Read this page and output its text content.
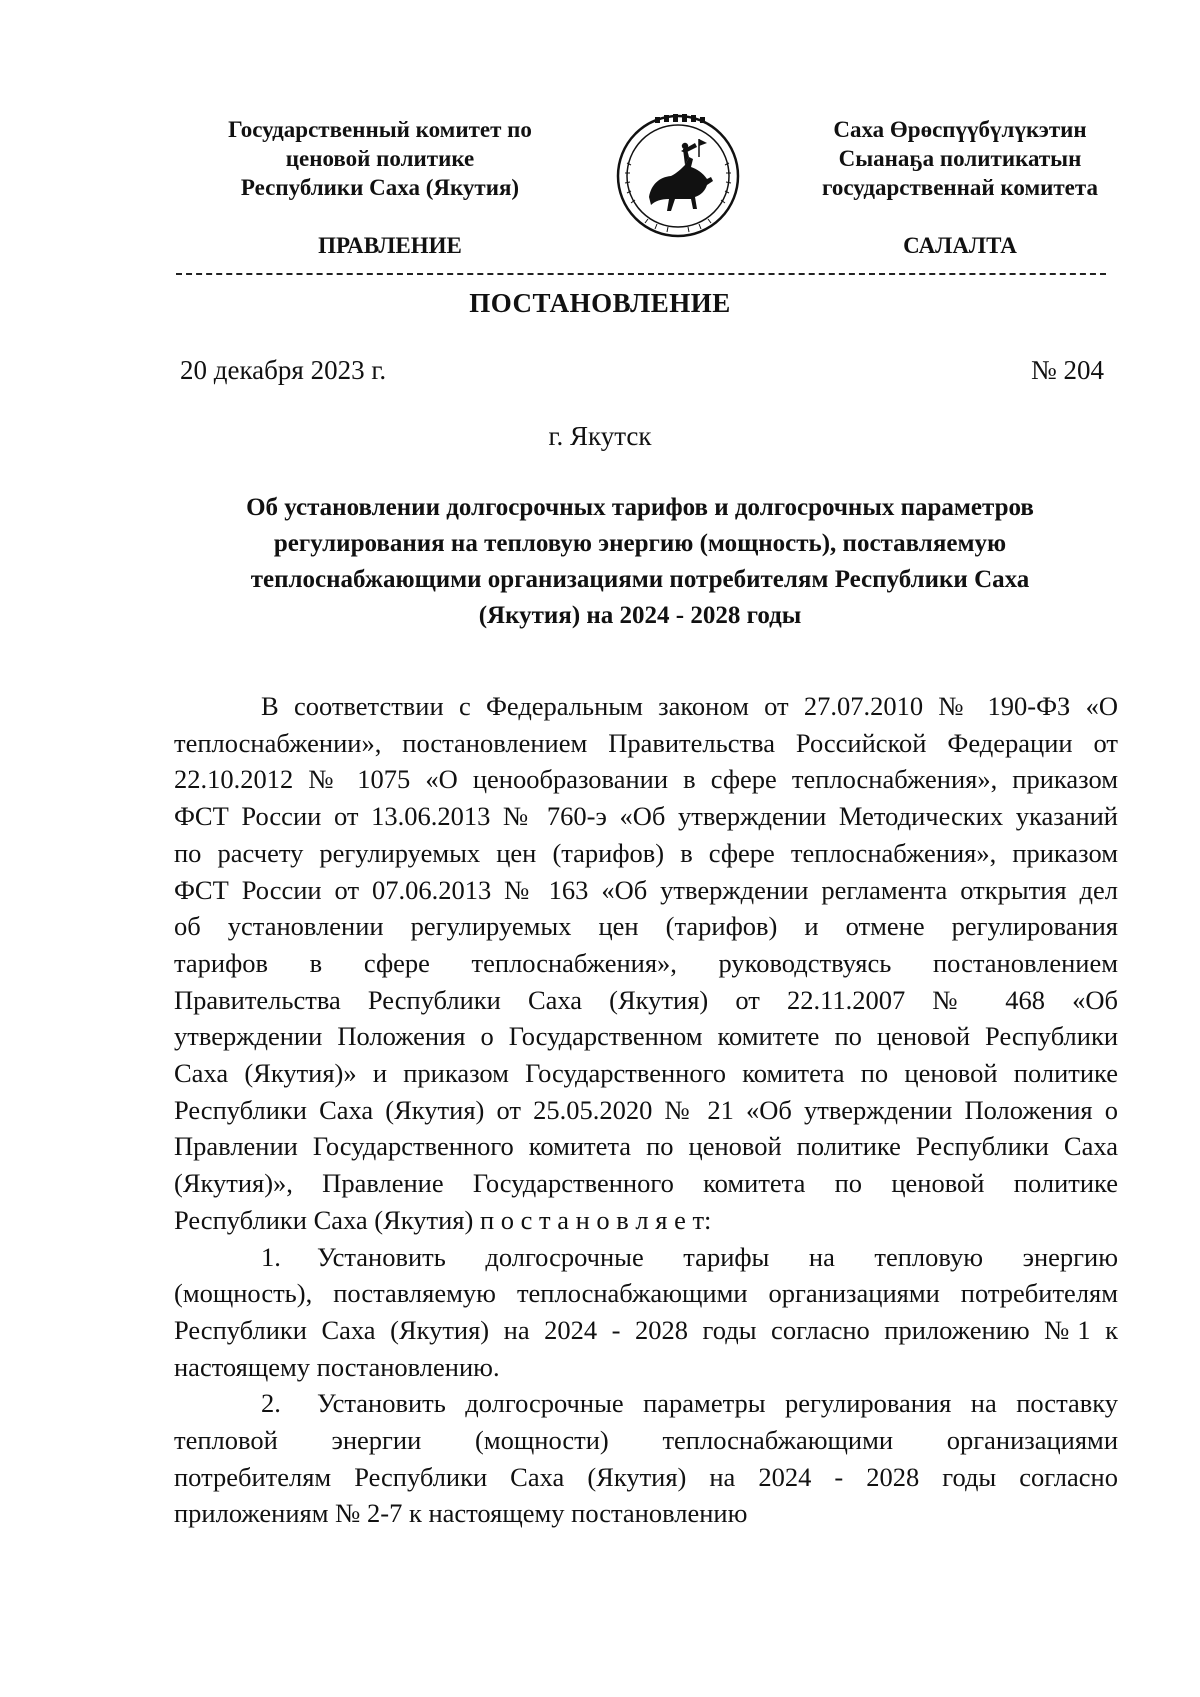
Государственный комитет по
ценовой политике
Республики Саха (Якутия)
Саха Өрөспүүбүлүкэтин
Сыанаҕа политикатын
государственнай комитета
ПРАВЛЕНИЕ	САЛАЛТА
ПОСТАНОВЛЕНИЕ
20 декабря 2023 г.	№ 204
г. Якутск
Об установлении долгосрочных тарифов и долгосрочных параметров
регулирования на тепловую энергию (мощность), поставляемую
теплоснабжающими организациями потребителям Республики Саха
(Якутия) на 2024 - 2028 годы
В соответствии с Федеральным законом от 27.07.2010 № 190-ФЗ «О
теплоснабжении», постановлением Правительства Российской Федерации от
22.10.2012 № 1075 «О ценообразовании в сфере теплоснабжения», приказом
ФСТ России от 13.06.2013 № 760-э «Об утверждении Методических указаний
по расчету регулируемых цен (тарифов) в сфере теплоснабжения», приказом
ФСТ России от 07.06.2013 № 163 «Об утверждении регламента открытия дел
об установлении регулируемых цен (тарифов) и отмене регулирования
тарифов в сфере теплоснабжения», руководствуясь постановлением
Правительства Республики Саха (Якутия) от 22.11.2007 № 468 «Об
утверждении Положения о Государственном комитете по ценовой Республики
Саха (Якутия)» и приказом Государственного комитета по ценовой политике
Республики Саха (Якутия) от 25.05.2020 № 21 «Об утверждении Положения о
Правлении Государственного комитета по ценовой политике Республики Саха
(Якутия)», Правление Государственного комитета по ценовой политике
Республики Саха (Якутия) п о с т а н о в л я е т:
1. Установить долгосрочные тарифы на тепловую энергию
(мощность), поставляемую теплоснабжающими организациями потребителям
Республики Саха (Якутия) на 2024 - 2028 годы согласно приложению №1 к
настоящему постановлению.
2. Установить долгосрочные параметры регулирования на поставку
тепловой энергии (мощности) теплоснабжающими организациями
потребителям Республики Саха (Якутия) на 2024 - 2028 годы согласно
приложениям № 2-7 к настоящему постановлению
